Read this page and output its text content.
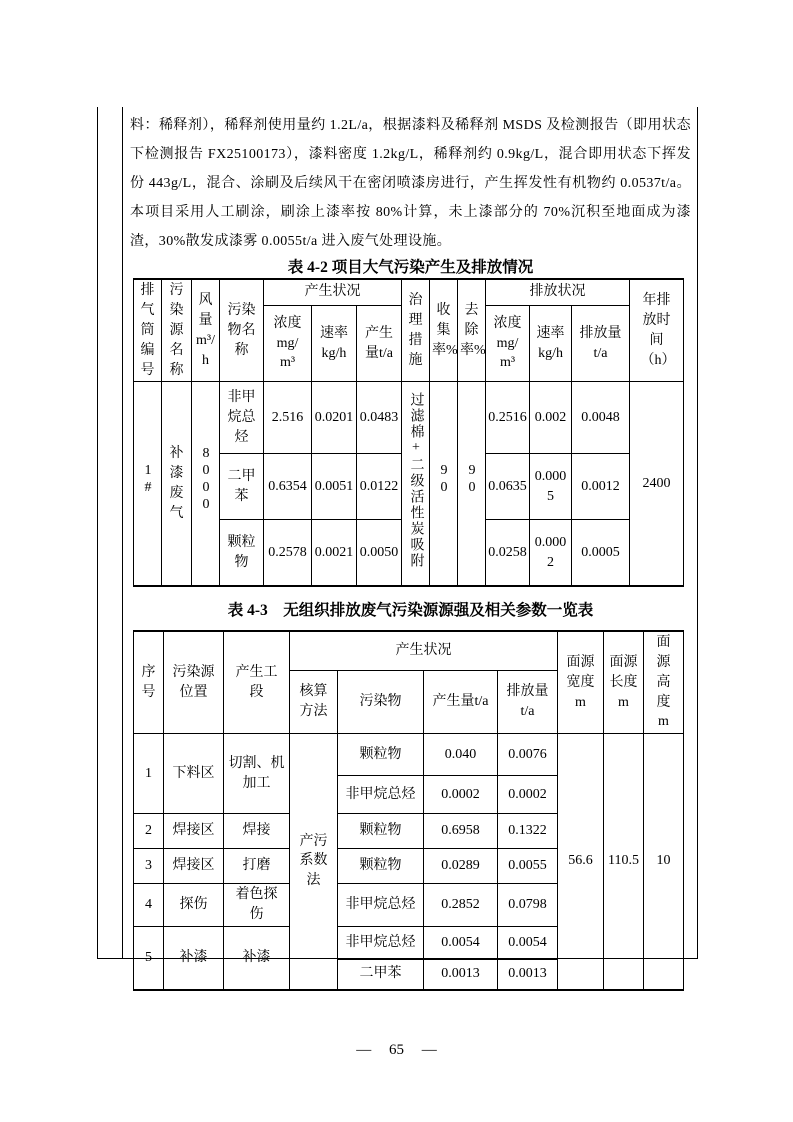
料：稀释剂），稀释剂使用量约 1.2L/a，根据漆料及稀释剂 MSDS 及检测报告（即用状态下检测报告 FX25100173），漆料密度 1.2kg/L，稀释剂约 0.9kg/L，混合即用状态下挥发份 443g/L，混合、涂刷及后续风干在密闭喷漆房进行，产生挥发性有机物约 0.0537t/a。本项目采用人工刷涂，刷涂上漆率按 80%计算，未上漆部分的 70%沉积至地面成为漆渣，30%散发成漆雾 0.0055t/a 进入废气处理设施。

表 4-2 项目大气污染产生及排放情况
排气筒编号	污染源名称	风量m³/h	污染物名称	产生状况			治理措施	收集率%	去除率%	排放状况			年排放时间（h）
				浓度mg/m³	速率kg/h	产生量t/a				浓度mg/m³	速率kg/h	排放量t/a	
1#	补漆废气	8000	非甲烷总烃	2.516	0.0201	0.0483	过滤棉+二级活性炭吸附	90	90	0.2516	0.002	0.0048	2400
			二甲苯	0.6354	0.0051	0.0122				0.0635	0.0005	0.0012	
			颗粒物	0.2578	0.0021	0.0050				0.0258	0.0002	0.0005	
表 4-3　无组织排放废气污染源源强及相关参数一览表
序号	污染源位置	产生工段	产生状况				面源宽度m	面源长度m	面源高度m
			核算方法	污染物	产生量t/a	排放量t/a			
1	下料区	切割、机加工	产污系数法	颗粒物	0.040	0.0076	56.6	110.5	10
				非甲烷总烃	0.0002	0.0002			
2	焊接区	焊接		颗粒物	0.6958	0.1322			
3	焊接区	打磨		颗粒物	0.0289	0.0055			
4	探伤	着色探伤		非甲烷总烃	0.2852	0.0798			
5	补漆	补漆		非甲烷总烃	0.0054	0.0054			
				二甲苯	0.0013	0.0013			
— 65 —
